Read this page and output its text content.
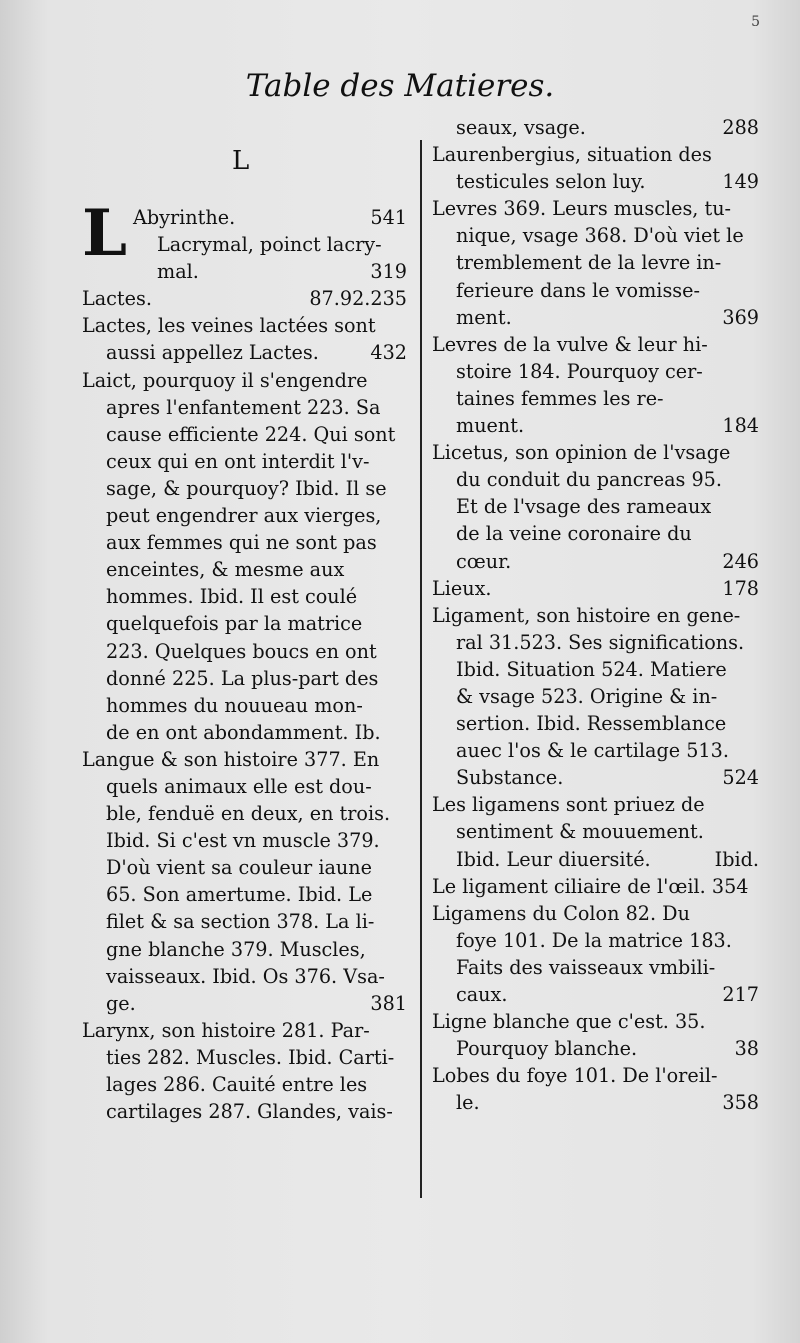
5
Table des Matieres.
L
L Abyrinthe.	541
Lacrymal, poinct lacry-
mal.	319
Lactes.	87.92.235
Lactes, les veines lactées sont
aussi appellez Lactes.	432
Laict, pourquoy il s'engendre
apres l'enfantement 223. Sa
cause efficiente 224. Qui sont
ceux qui en ont interdit l'v-
sage, & pourquoy? Ibid. Il se
peut engendrer aux vierges,
aux femmes qui ne sont pas
enceintes, & mesme aux
hommes. Ibid. Il est coulé
quelquefois par la matrice
223. Quelques boucs en ont
donné 225. La plus-part des
hommes du nouueau mon-
de en ont abondamment. Ib.
Langue & son histoire 377. En
quels animaux elle est dou-
ble, fenduë en deux, en trois.
Ibid. Si c'est vn muscle 379.
D'où vient sa couleur iaune
65. Son amertume. Ibid. Le
filet & sa section 378. La li-
gne blanche 379. Muscles,
vaisseaux. Ibid. Os 376. Vsa-
ge.	381
Larynx, son histoire 281. Par-
ties 282. Muscles. Ibid. Carti-
lages 286. Cauité entre les
cartilages 287. Glandes, vais-
seaux, vsage.	288
Laurenbergius, situation des
testicules selon luy.	149
Levres 369. Leurs muscles, tu-
nique, vsage 368. D'où viet le
tremblement de la levre in-
ferieure dans le vomisse-
ment.	369
Levres de la vulve & leur hi-
stoire 184. Pourquoy cer-
taines femmes les re-
muent.	184
Licetus, son opinion de l'vsage
du conduit du pancreas 95.
Et de l'vsage des rameaux
de la veine coronaire du
cœur.	246
Lieux.	178
Ligament, son histoire en gene-
ral 31.523. Ses significations.
Ibid. Situation 524. Matiere
& vsage 523. Origine & in-
sertion. Ibid. Ressemblance
auec l'os & le cartilage 513.
Substance.	524
Les ligamens sont priuez de
sentiment & mouuement.
Ibid. Leur diuersité.	Ibid.
Le ligament ciliaire de l'œil. 354
Ligamens du Colon 82. Du
foye 101. De la matrice 183.
Faits des vaisseaux vmbili-
caux.	217
Ligne blanche que c'est. 35.
Pourquoy blanche.	38
Lobes du foye 101. De l'oreil-
le.	358
